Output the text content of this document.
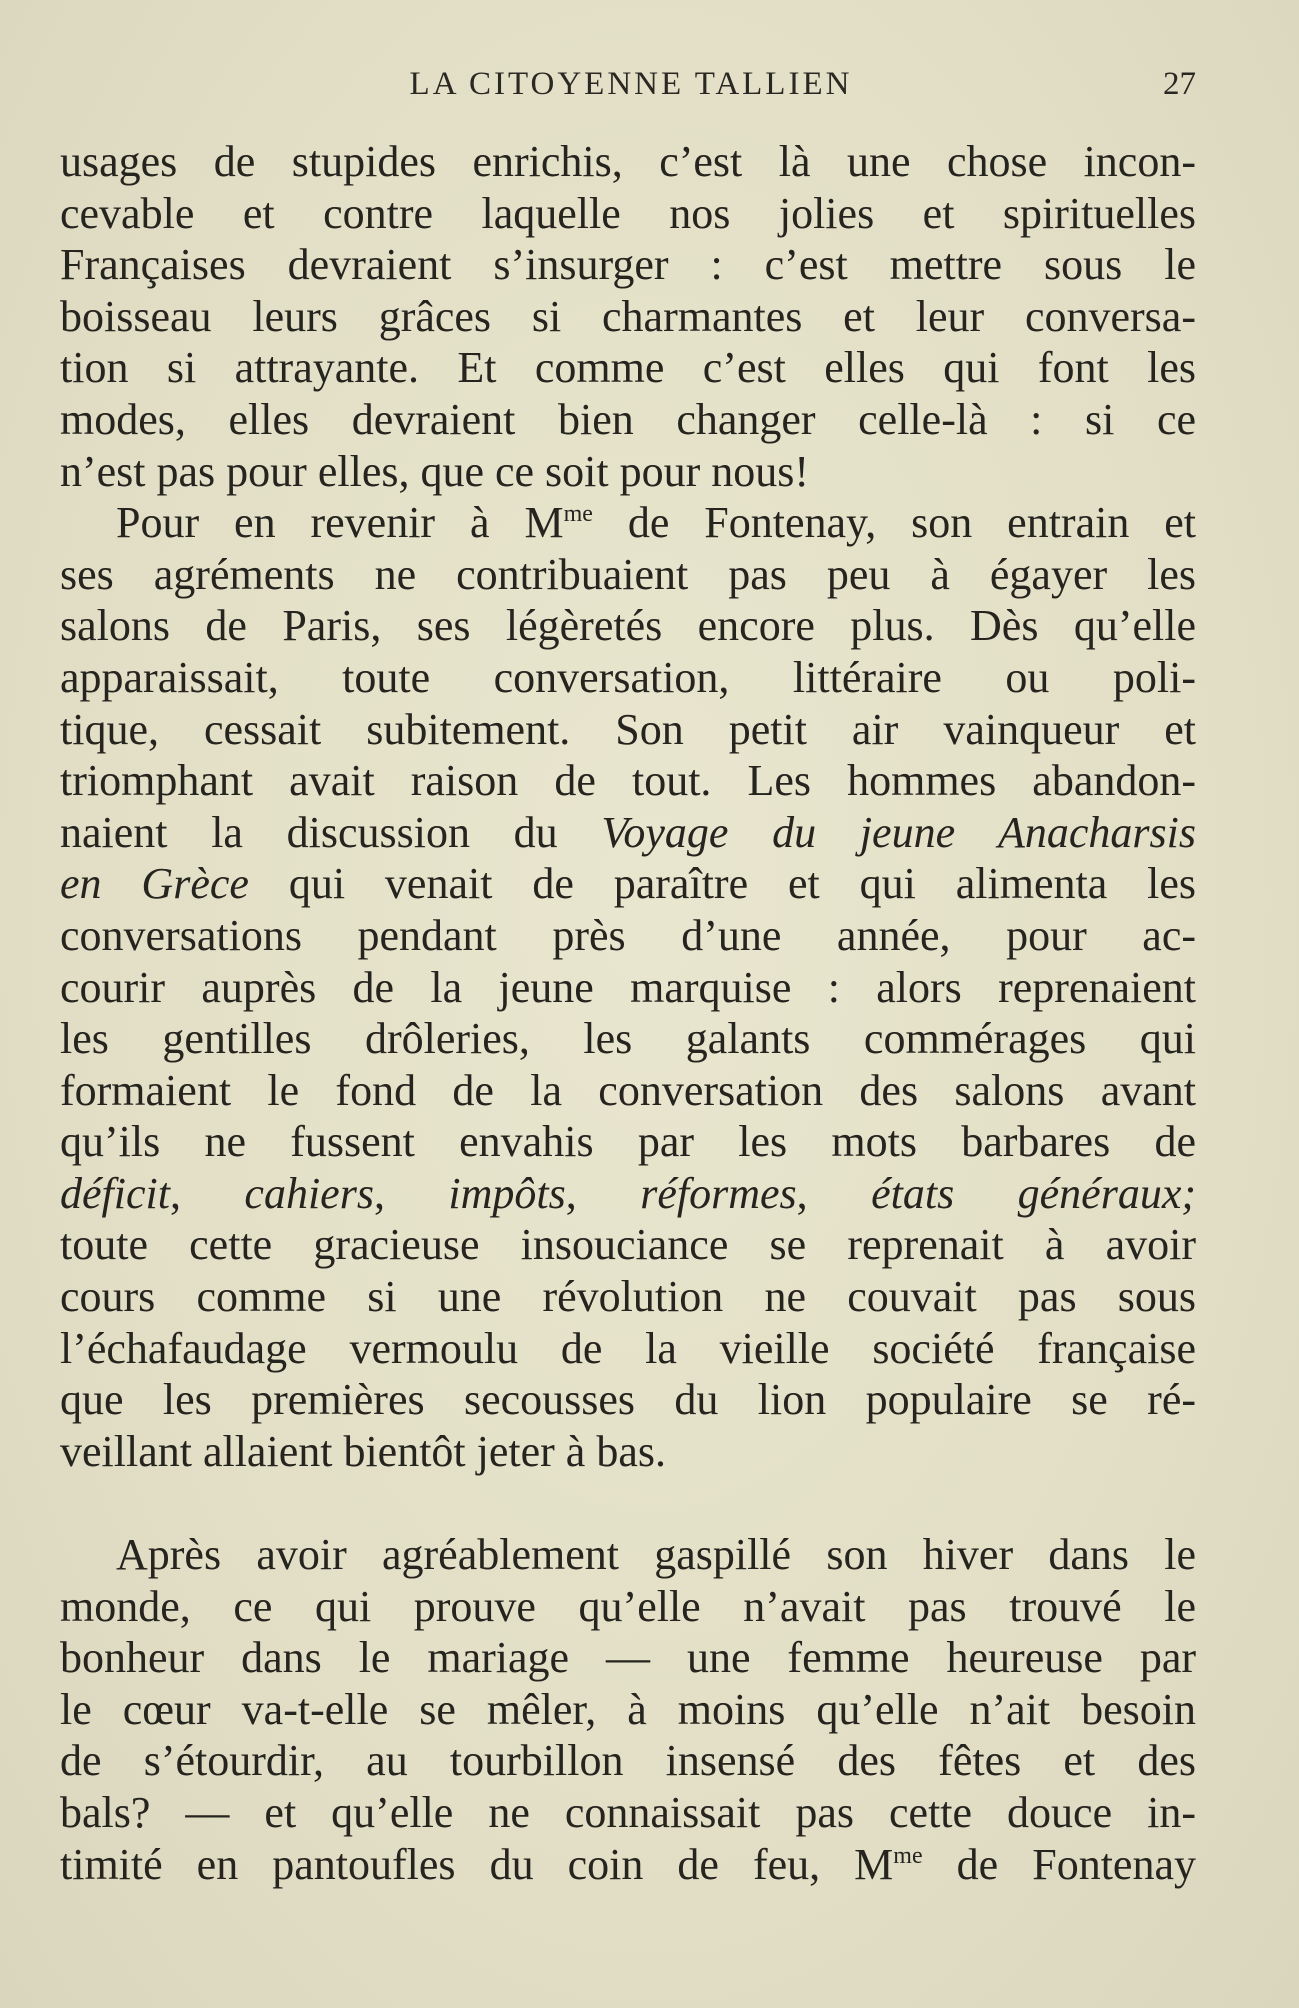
LA CITOYENNE TALLIEN	27
usages de stupides enrichis, c’est là une chose incon-
cevable et contre laquelle nos jolies et spirituelles
Françaises devraient s’insurger : c’est mettre sous le
boisseau leurs grâces si charmantes et leur conversa-
tion si attrayante. Et comme c’est elles qui font les
modes, elles devraient bien changer celle-là : si ce
n’est pas pour elles, que ce soit pour nous!
Pour en revenir à $M^{me}$ de Fontenay, son entrain et
ses agréments ne contribuaient pas peu à égayer les
salons de Paris, ses légèretés encore plus. Dès qu’elle
apparaissait, toute conversation, littéraire ou poli-
tique, cessait subitement. Son petit air vainqueur et
triomphant avait raison de tout. Les hommes abandon-
naient la discussion du Voyage du jeune Anacharsis
en Grèce qui venait de paraître et qui alimenta les
conversations pendant près d’une année, pour ac-
courir auprès de la jeune marquise : alors reprenaient
les gentilles drôleries, les galants commérages qui
formaient le fond de la conversation des salons avant
qu’ils ne fussent envahis par les mots barbares de
déficit, cahiers, impôts, réformes, états généraux;
toute cette gracieuse insouciance se reprenait à avoir
cours comme si une révolution ne couvait pas sous
l’échafaudage vermoulu de la vieille société française
que les premières secousses du lion populaire se ré-
veillant allaient bientôt jeter à bas.
Après avoir agréablement gaspillé son hiver dans le
monde, ce qui prouve qu’elle n’avait pas trouvé le
bonheur dans le mariage — une femme heureuse par
le cœur va-t-elle se mêler, à moins qu’elle n’ait besoin
de s’étourdir, au tourbillon insensé des fêtes et des
bals? — et qu’elle ne connaissait pas cette douce in-
timité en pantoufles du coin de feu, $M^{me}$ de Fontenay
